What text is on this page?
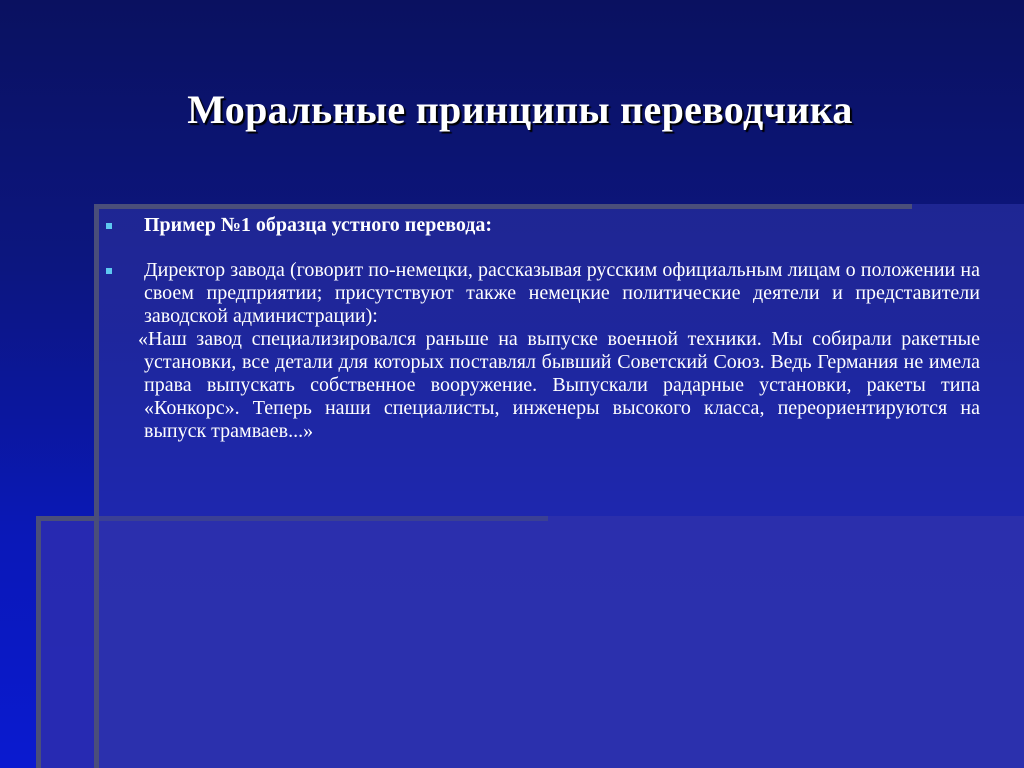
Моральные принципы переводчика
Пример №1 образца устного перевода:
Директор завода (говорит по-немецки, рассказывая русским официальным лицам о положении на своем предприятии; присутствуют также немецкие политические деятели и представители заводской администрации):
«Наш завод специализировался раньше на выпуске военной техники. Мы собирали ракетные установки, все детали для которых поставлял бывший Советский Союз. Ведь Германия не имела права выпускать собственное вооружение. Выпускали радарные установки, ракеты типа «Конкорс». Теперь наши специалисты, инженеры высокого класса, переориентируются на выпуск трамваев...»
